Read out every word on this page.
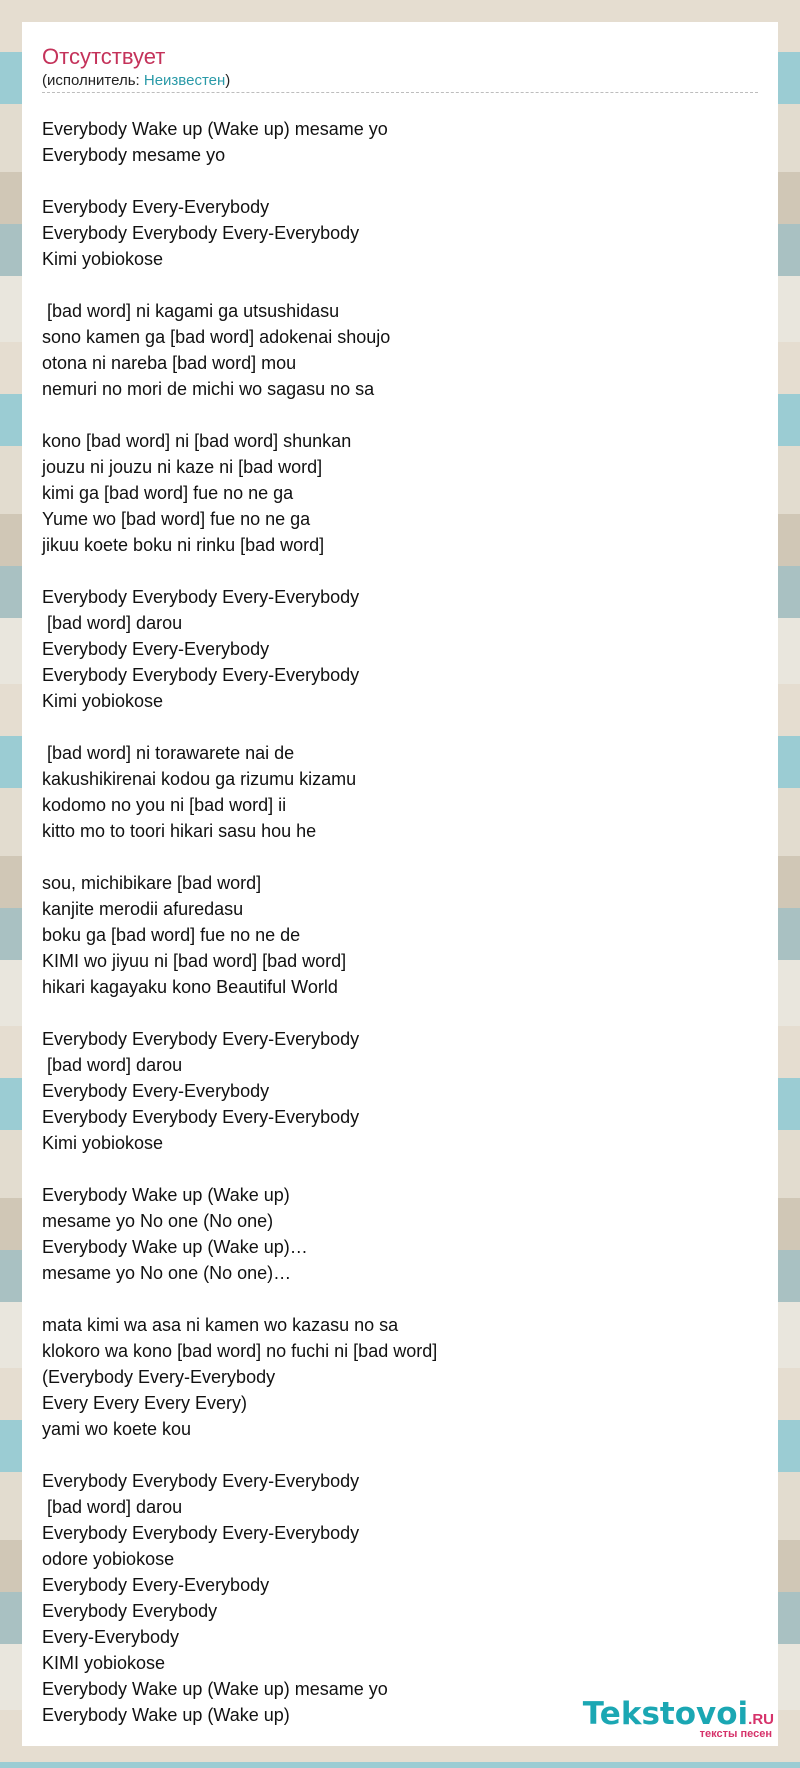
Отсутствует
(исполнитель: Неизвестен)
Everybody Wake up (Wake up) mesame yo
Everybody mesame yo

Everybody Every-Everybody
Everybody Everybody Every-Everybody
Kimi yobiokose

[bad word] ni kagami ga utsushidasu
sono kamen ga [bad word] adokenai shoujo
otona ni nareba [bad word] mou
nemuri no mori de michi wo sagasu no sa

kono [bad word] ni [bad word] shunkan
jouzu ni jouzu ni kaze ni [bad word]
kimi ga [bad word] fue no ne ga
Yume wo [bad word] fue no ne ga
jikuu koete boku ni rinku [bad word]

Everybody Everybody Every-Everybody
[bad word] darou
Everybody Every-Everybody
Everybody Everybody Every-Everybody
Kimi yobiokose

[bad word] ni torawarete nai de
kakushikirenai kodou ga rizumu kizamu
kodomo no you ni [bad word] ii
kitto mo to toori hikari sasu hou he

sou, michibikare [bad word]
kanjite merodii afuredasu
boku ga [bad word] fue no ne de
KIMI wo jiyuu ni [bad word] [bad word]
hikari kagayaku kono Beautiful World

Everybody Everybody Every-Everybody
[bad word] darou
Everybody Every-Everybody
Everybody Everybody Every-Everybody
Kimi yobiokose

Everybody Wake up (Wake up)
mesame yo No one (No one)
Everybody Wake up (Wake up)…
mesame yo No one (No one)…

mata kimi wa asa ni kamen wo kazasu no sa
klokoro wa kono [bad word] no fuchi ni [bad word]
(Everybody Every-Everybody
Every Every Every Every)
yami wo koete kou

Everybody Everybody Every-Everybody
[bad word] darou
Everybody Everybody Every-Everybody
odore yobiokose
Everybody Every-Everybody
Everybody Everybody
Every-Everybody
KIMI yobiokose
Everybody Wake up (Wake up) mesame yo
Everybody Wake up (Wake up)	Tekstovoi.RU
тексты песен
